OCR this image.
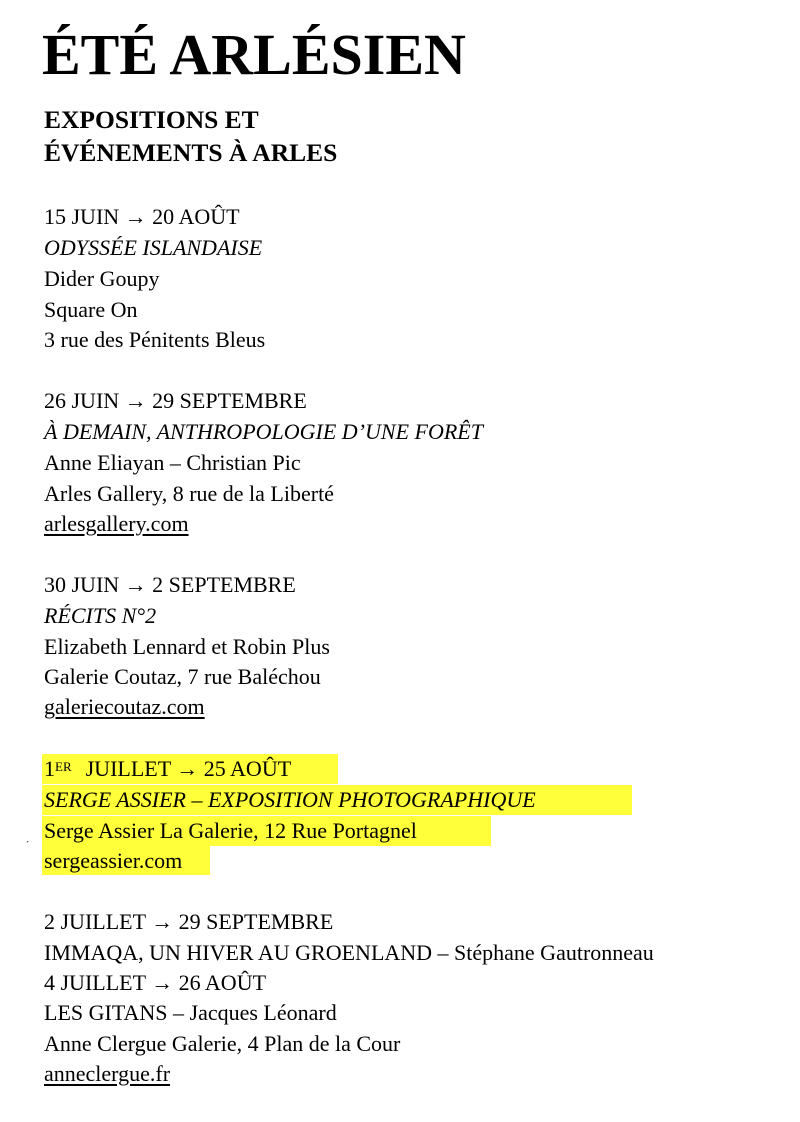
ÉTÉ ARLÉSIEN
EXPOSITIONS ET
ÉVÉNEMENTS À ARLES
15 JUIN → 20 AOÛT
ODYSSÉE ISLANDAISE
Dider Goupy
Square On
3 rue des Pénitents Bleus
26 JUIN → 29 SEPTEMBRE
À DEMAIN, ANTHROPOLOGIE D’UNE FORÊT
Anne Eliayan – Christian Pic
Arles Gallery, 8 rue de la Liberté
arlesgallery.com
30 JUIN → 2 SEPTEMBRE
RÉCITS N°2
Elizabeth Lennard et Robin Plus
Galerie Coutaz, 7 rue Baléchou
galeriecoutaz.com
1ER JUILLET → 25 AOÛT
SERGE ASSIER – EXPOSITION PHOTOGRAPHIQUE
Serge Assier La Galerie, 12 Rue Portagnel
sergeassier.com
˹
2 JUILLET → 29 SEPTEMBRE
IMMAQA, UN HIVER AU GROENLAND – Stéphane Gautronneau
4 JUILLET → 26 AOÛT
LES GITANS – Jacques Léonard
Anne Clergue Galerie, 4 Plan de la Cour
anneclergue.fr
